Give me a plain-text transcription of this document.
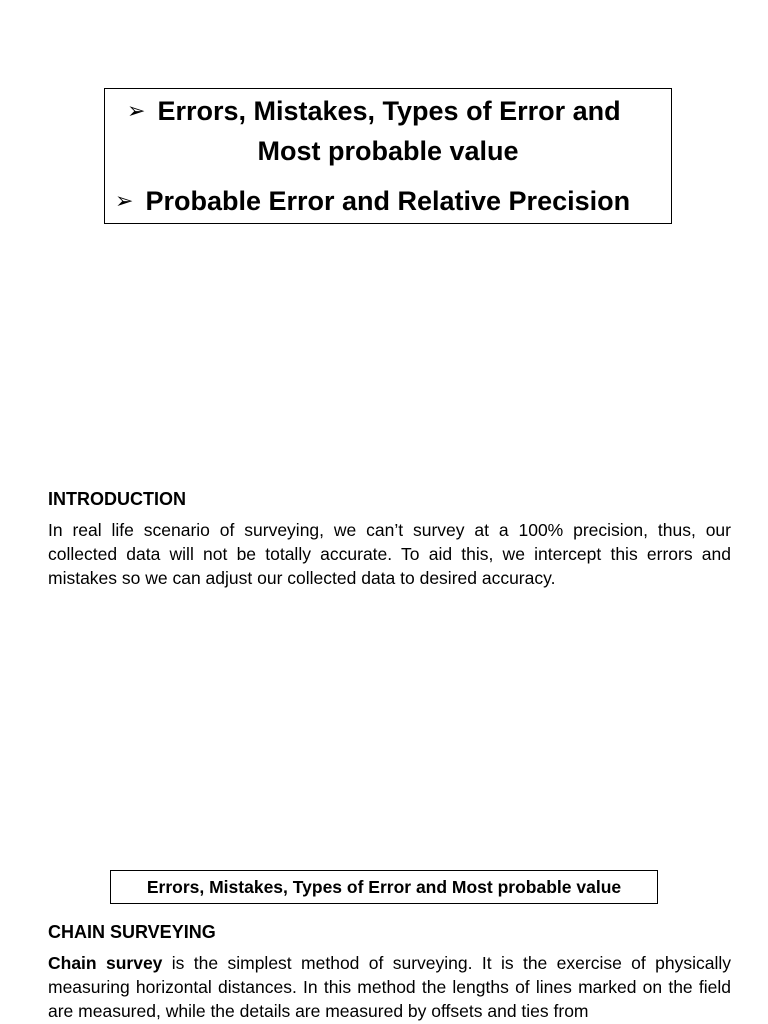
➢ Errors, Mistakes, Types of Error and
Most probable value
➢ Probable Error and Relative Precision
INTRODUCTION
In real life scenario of surveying, we can’t survey at a 100% precision, thus, our collected data will not be totally accurate. To aid this, we intercept this errors and mistakes so we can adjust our collected data to desired accuracy.
Errors, Mistakes, Types of Error and Most probable value
CHAIN SURVEYING
Chain survey is the simplest method of surveying. It is the exercise of physically measuring horizontal distances. In this method the lengths of lines marked on the field are measured, while the details are measured by offsets and ties from
